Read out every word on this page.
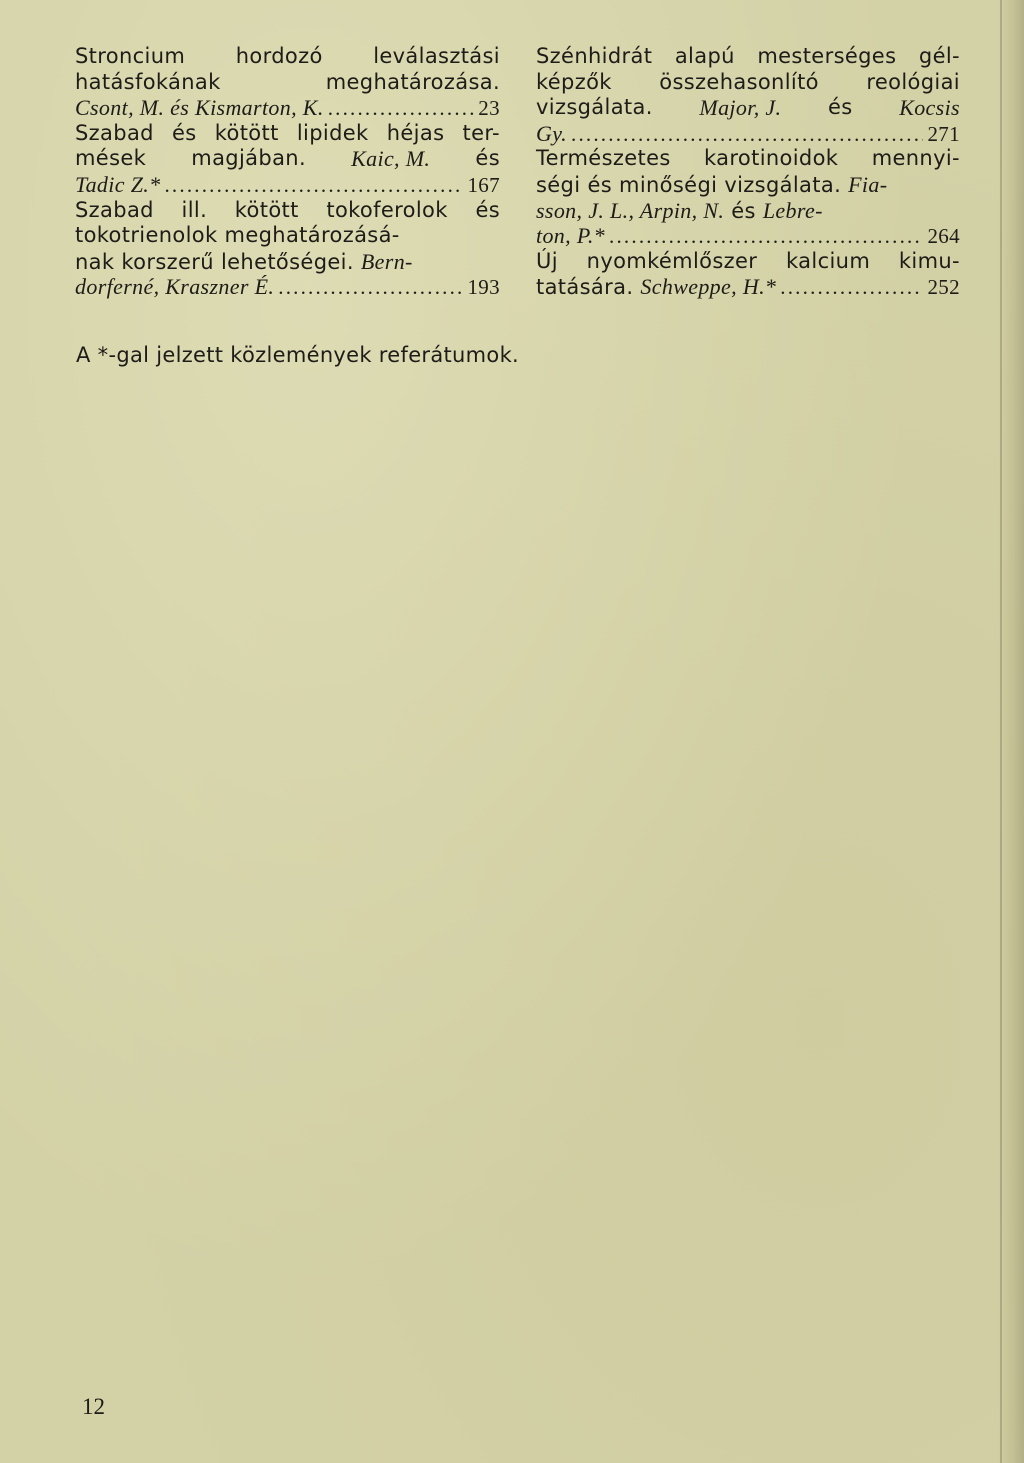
Stroncium hordozó leválasztási
hatásfokának	meghatározása.
Csont, M. és Kismarton, K. .....	23
Szabad és kötött lipidek héjas ter-
mések magjában. Kaic, M. és
Tadic Z.* .....	167
Szabad ill. kötött tokoferolok és
tokotrienolok meghatározásá-
nak korszerű lehetőségei. Bern-
dorferné, Kraszner É. .....	193
Szénhidrát alapú mesterséges gél-
képzők összehasonlító reológiai
vizsgálata. Major, J. és Kocsis
Gy. .....	271
Természetes karotinoidok mennyi-
ségi és minőségi vizsgálata. Fia-
sson, J. L., Arpin, N. és Lebre-
ton, P.* .....	264
Új nyomkémlőszer kalcium kimu-
tatására.
Schweppe, H.* .....	252
A *-gal jelzett közlemények referátumok.
12
